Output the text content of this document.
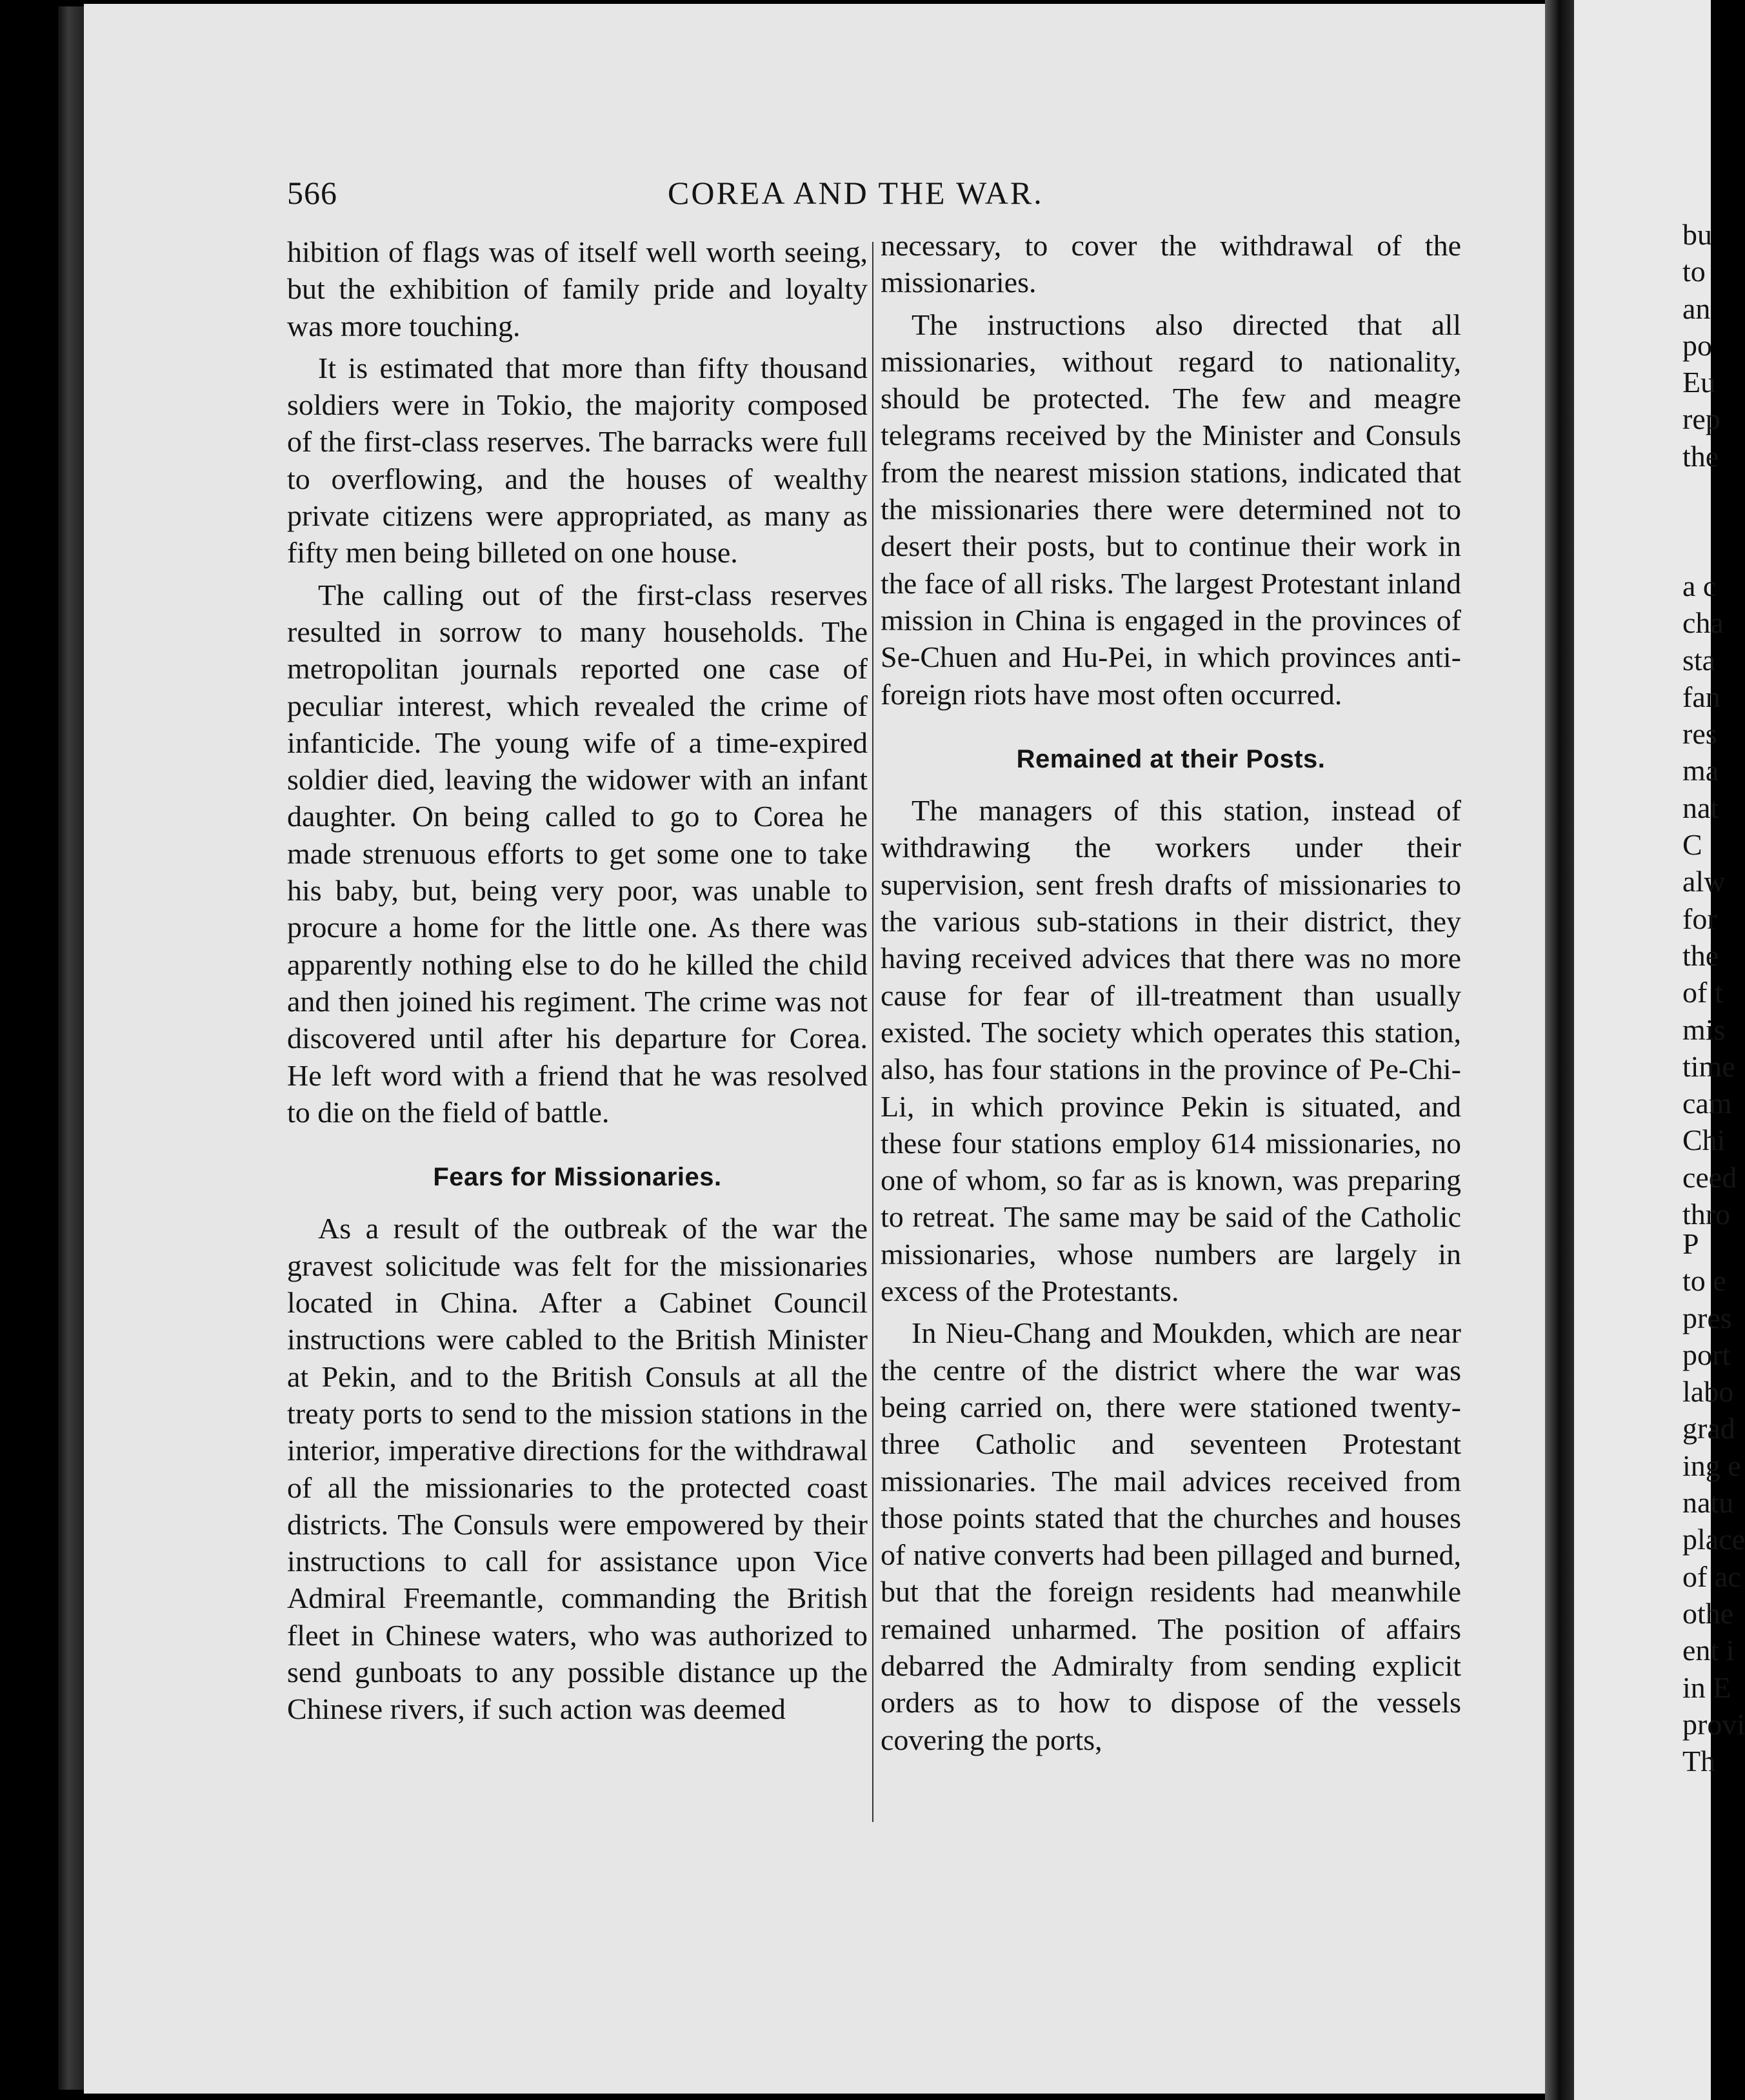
566	COREA AND THE WAR.

hibition of flags was of itself well worth seeing, but the exhibition of family pride and loyalty was more touching.

It is estimated that more than fifty thousand soldiers were in Tokio, the majority composed of the first-class reserves. The barracks were full to overflowing, and the houses of wealthy private citizens were appropriated, as many as fifty men being billeted on one house.

The calling out of the first-class reserves resulted in sorrow to many households. The metropolitan journals reported one case of peculiar interest, which revealed the crime of infanticide. The young wife of a time-expired soldier died, leaving the widower with an infant daughter. On being called to go to Corea he made strenuous efforts to get some one to take his baby, but, being very poor, was unable to procure a home for the little one. As there was apparently nothing else to do he killed the child and then joined his regiment. The crime was not discovered until after his departure for Corea. He left word with a friend that he was resolved to die on the field of battle.

Fears for Missionaries.

As a result of the outbreak of the war the gravest solicitude was felt for the missionaries located in China. After a Cabinet Council instructions were cabled to the British Minister at Pekin, and to the British Consuls at all the treaty ports to send to the mission stations in the interior, imperative directions for the withdrawal of all the missionaries to the protected coast districts. The Consuls were empowered by their instructions to call for assistance upon Vice Admiral Freemantle, commanding the British fleet in Chinese waters, who was authorized to send gunboats to any possible distance up the Chinese rivers, if such action was deemed

necessary, to cover the withdrawal of the missionaries.

The instructions also directed that all missionaries, without regard to nationality, should be protected. The few and meagre telegrams received by the Minister and Consuls from the nearest mission stations, indicated that the missionaries there were determined not to desert their posts, but to continue their work in the face of all risks. The largest Protestant inland mission in China is engaged in the provinces of Se-Chuen and Hu-Pei, in which provinces anti-foreign riots have most often occurred.

Remained at their Posts.

The managers of this station, instead of withdrawing the workers under their supervision, sent fresh drafts of missionaries to the various sub-stations in their district, they having received advices that there was no more cause for fear of ill-treatment than usually existed. The society which operates this station, also, has four stations in the province of Pe-Chi-Li, in which province Pekin is situated, and these four stations employ 614 missionaries, no one of whom, so far as is known, was preparing to retreat. The same may be said of the Catholic missionaries, whose numbers are largely in excess of the Protestants.

In Nieu-Chang and Moukden, which are near the centre of the district where the war was being carried on, there were stationed twenty-three Catholic and seventeen Protestant missionaries. The mail advices received from those points stated that the churches and houses of native converts had been pillaged and burned, but that the foreign residents had meanwhile remained unharmed. The position of affairs debarred the Admiralty from sending explicit orders as to how to dispose of the vessels covering the ports,

bu
to
an
po
Eu
rep
the
a c
cha
sta
fan
res
ma
nat
C
alw
for
the
of t
mis
time
cam
Chi
ceed
thro
P
to e
pres
port
labo
grad
ing e
natu
place
of ac
othe
ent i
in E
provi
Th
